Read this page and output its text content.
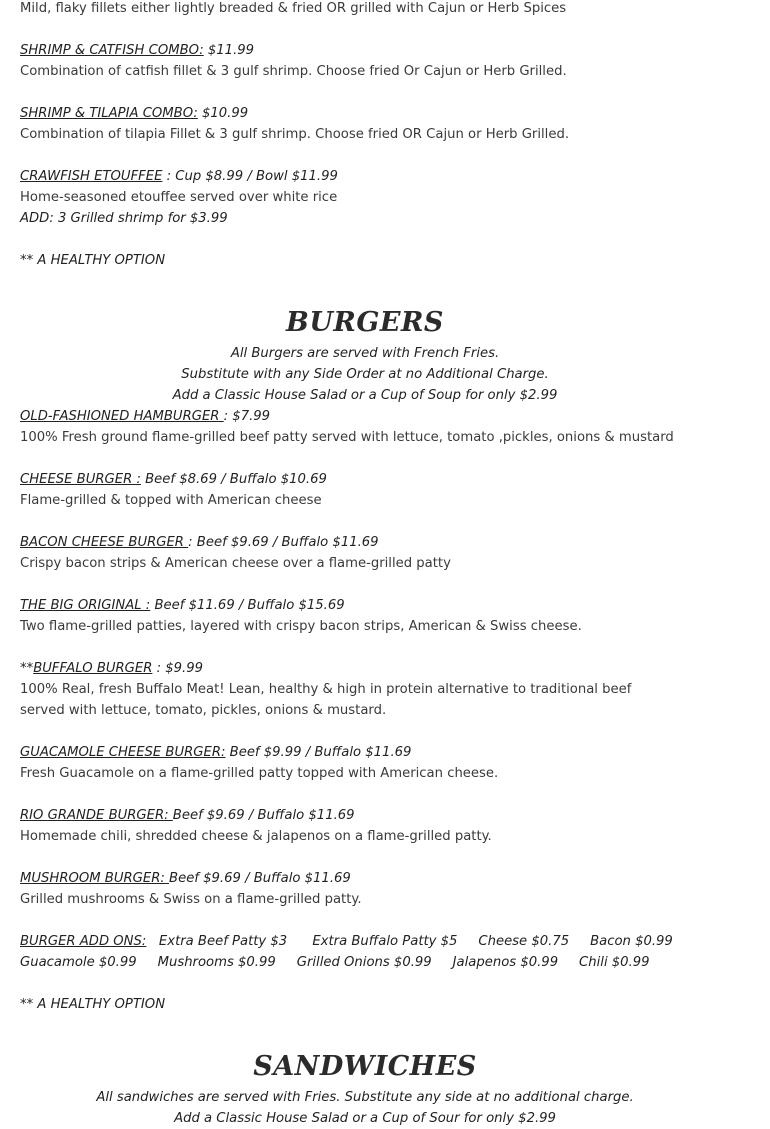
Mild, flaky fillets either lightly breaded & fried OR grilled with Cajun or Herb Spices
SHRIMP & CATFISH COMBO: $11.99
Combination of catfish fillet & 3 gulf shrimp. Choose fried Or Cajun or Herb Grilled.
SHRIMP & TILAPIA COMBO: $10.99
Combination of tilapia Fillet & 3 gulf shrimp. Choose fried OR Cajun or Herb Grilled.
CRAWFISH ETOUFFEE : Cup $8.99 / Bowl $11.99
Home-seasoned etouffee served over white rice
ADD: 3 Grilled shrimp for $3.99
** A HEALTHY OPTION
BURGERS
All Burgers are served with French Fries.
Substitute with any Side Order at no Additional Charge.
Add a Classic House Salad or a Cup of Soup for only $2.99
OLD-FASHIONED HAMBURGER : $7.99
100% Fresh ground flame-grilled beef patty served with lettuce, tomato ,pickles, onions & mustard
CHEESE BURGER : Beef $8.69 / Buffalo $10.69
Flame-grilled & topped with American cheese
BACON CHEESE BURGER : Beef $9.69 / Buffalo $11.69
Crispy bacon strips & American cheese over a flame-grilled patty
THE BIG ORIGINAL : Beef $11.69 / Buffalo $15.69
Two flame-grilled patties, layered with crispy bacon strips, American & Swiss cheese.
**BUFFALO BURGER : $9.99
100% Real, fresh Buffalo Meat! Lean, healthy & high in protein alternative to traditional beef
served with lettuce, tomato, pickles, onions & mustard.
GUACAMOLE CHEESE BURGER: Beef $9.99 / Buffalo $11.69
Fresh Guacamole on a flame-grilled patty topped with American cheese.
RIO GRANDE BURGER: Beef $9.69 / Buffalo $11.69
Homemade chili, shredded cheese & jalapenos on a flame-grilled patty.
MUSHROOM BURGER: Beef $9.69 / Buffalo $11.69
Grilled mushrooms & Swiss on a flame-grilled patty.
BURGER ADD ONS:   Extra Beef Patty $3      Extra Buffalo Patty $5     Cheese $0.75     Bacon $0.99
Guacamole $0.99     Mushrooms $0.99     Grilled Onions $0.99     Jalapenos $0.99     Chili $0.99
** A HEALTHY OPTION
SANDWICHES
All sandwiches are served with Fries. Substitute any side at no additional charge.
Add a Classic House Salad or a Cup of Sour for only $2.99
